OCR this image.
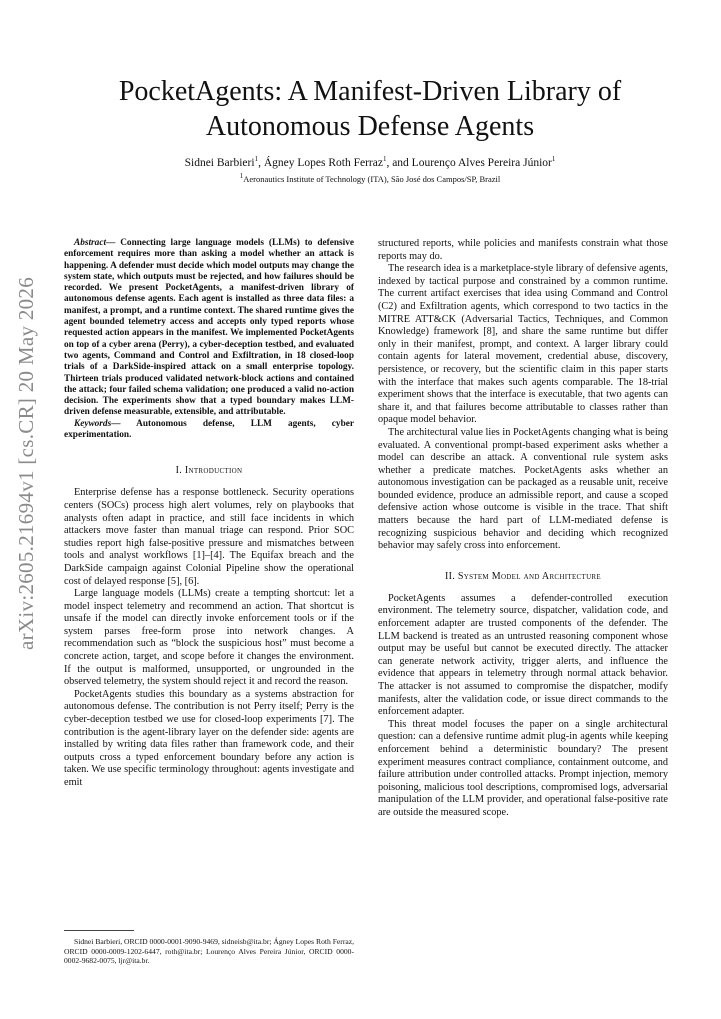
arXiv:2605.21694v1 [cs.CR] 20 May 2026
PocketAgents: A Manifest-Driven Library of Autonomous Defense Agents
Sidnei Barbieri$^1$, Ágney Lopes Roth Ferraz$^1$, and Lourenço Alves Pereira Júnior$^1$
$^1$Aeronautics Institute of Technology (ITA), São José dos Campos/SP, Brazil

Abstract— Connecting large language models (LLMs) to defensive enforcement requires more than asking a model whether an attack is happening. A defender must decide which model outputs may change the system state, which outputs must be rejected, and how failures should be recorded. We present PocketAgents, a manifest-driven library of autonomous defense agents. Each agent is installed as three data files: a manifest, a prompt, and a runtime context. The shared runtime gives the agent bounded telemetry access and accepts only typed reports whose requested action appears in the manifest. We implemented PocketAgents on top of a cyber arena (Perry), a cyber-deception testbed, and evaluated two agents, Command and Control and Exfiltration, in 18 closed-loop trials of a DarkSide-inspired attack on a small enterprise topology. Thirteen trials produced validated network-block actions and contained the attack; four failed schema validation; one produced a valid no-action decision. The experiments show that a typed boundary makes LLM-driven defense measurable, extensible, and attributable.

Keywords— Autonomous defense, LLM agents, cyber experimentation.

I. Introduction

Enterprise defense has a response bottleneck. Security operations centers (SOCs) process high alert volumes, rely on playbooks that analysts often adapt in practice, and still face incidents in which attackers move faster than manual triage can respond. Prior SOC studies report high false-positive pressure and mismatches between tools and analyst workflows [1]–[4]. The Equifax breach and the DarkSide campaign against Colonial Pipeline show the operational cost of delayed response [5], [6].

Large language models (LLMs) create a tempting shortcut: let a model inspect telemetry and recommend an action. That shortcut is unsafe if the model can directly invoke enforcement tools or if the system parses free-form prose into network changes. A recommendation such as “block the suspicious host” must become a concrete action, target, and scope before it changes the environment. If the output is malformed, unsupported, or ungrounded in the observed telemetry, the system should reject it and record the reason.

PocketAgents studies this boundary as a systems abstraction for autonomous defense. The contribution is not Perry itself; Perry is the cyber-deception testbed we use for closed-loop experiments [7]. The contribution is the agent-library layer on the defender side: agents are installed by writing data files rather than framework code, and their outputs cross a typed enforcement boundary before any action is taken. We use specific terminology throughout: agents investigate and emit

Sidnei Barbieri, ORCID 0000-0001-9090-9469, sidneisb@ita.br; Ágney Lopes Roth Ferraz, ORCID 0000-0009-1202-6447, roth@ita.br; Lourenço Alves Pereira Júnior, ORCID 0000-0002-9682-0075, ljr@ita.br.

structured reports, while policies and manifests constrain what those reports may do.

The research idea is a marketplace-style library of defensive agents, indexed by tactical purpose and constrained by a common runtime. The current artifact exercises that idea using Command and Control (C2) and Exfiltration agents, which correspond to two tactics in the MITRE ATT&CK (Adversarial Tactics, Techniques, and Common Knowledge) framework [8], and share the same runtime but differ only in their manifest, prompt, and context. A larger library could contain agents for lateral movement, credential abuse, discovery, persistence, or recovery, but the scientific claim in this paper starts with the interface that makes such agents comparable. The 18-trial experiment shows that the interface is executable, that two agents can share it, and that failures become attributable to classes rather than opaque model behavior.

The architectural value lies in PocketAgents changing what is being evaluated. A conventional prompt-based experiment asks whether a model can describe an attack. A conventional rule system asks whether a predicate matches. PocketAgents asks whether an autonomous investigation can be packaged as a reusable unit, receive bounded evidence, produce an admissible report, and cause a scoped defensive action whose outcome is visible in the trace. That shift matters because the hard part of LLM-mediated defense is recognizing suspicious behavior and deciding which recognized behavior may safely cross into enforcement.

II. System Model and Architecture

PocketAgents assumes a defender-controlled execution environment. The telemetry source, dispatcher, validation code, and enforcement adapter are trusted components of the defender. The LLM backend is treated as an untrusted reasoning component whose output may be useful but cannot be executed directly. The attacker can generate network activity, trigger alerts, and influence the evidence that appears in telemetry through normal attack behavior. The attacker is not assumed to compromise the dispatcher, modify manifests, alter the validation code, or issue direct commands to the enforcement adapter.

This threat model focuses the paper on a single architectural question: can a defensive runtime admit plug-in agents while keeping enforcement behind a deterministic boundary? The present experiment measures contract compliance, containment outcome, and failure attribution under controlled attacks. Prompt injection, memory poisoning, malicious tool descriptions, compromised logs, adversarial manipulation of the LLM provider, and operational false-positive rate are outside the measured scope.
